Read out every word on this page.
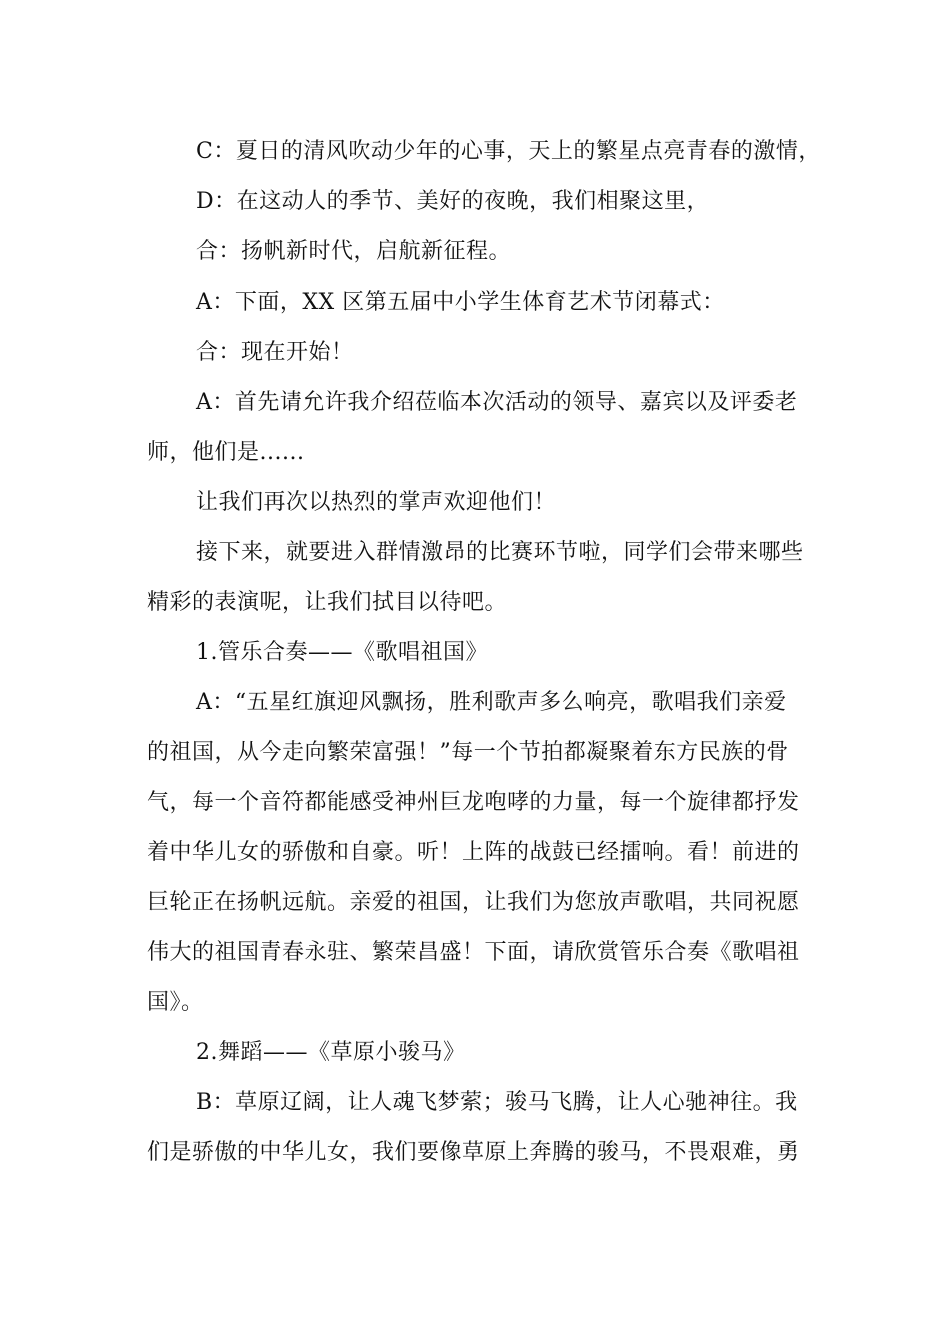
C：夏日的清风吹动少年的心事，天上的繁星点亮青春的激情，
D：在这动人的季节、美好的夜晚，我们相聚这里，
合：扬帆新时代，启航新征程。
A：下面，XX 区第五届中小学生体育艺术节闭幕式：
合：现在开始！
A：首先请允许我介绍莅临本次活动的领导、嘉宾以及评委老
师，他们是......
让我们再次以热烈的掌声欢迎他们！
接下来，就要进入群情激昂的比赛环节啦，同学们会带来哪些
精彩的表演呢，让我们拭目以待吧。
1.管乐合奏——《歌唱祖国》
A：“五星红旗迎风飘扬，胜利歌声多么响亮，歌唱我们亲爱
的祖国，从今走向繁荣富强！”每一个节拍都凝聚着东方民族的骨
气，每一个音符都能感受神州巨龙咆哮的力量，每一个旋律都抒发
着中华儿女的骄傲和自豪。听！上阵的战鼓已经擂响。看！前进的
巨轮正在扬帆远航。亲爱的祖国，让我们为您放声歌唱，共同祝愿
伟大的祖国青春永驻、繁荣昌盛！下面，请欣赏管乐合奏《歌唱祖
国》。
2.舞蹈——《草原小骏马》
B：草原辽阔，让人魂飞梦萦；骏马飞腾，让人心驰神往。我
们是骄傲的中华儿女，我们要像草原上奔腾的骏马，不畏艰难，勇
